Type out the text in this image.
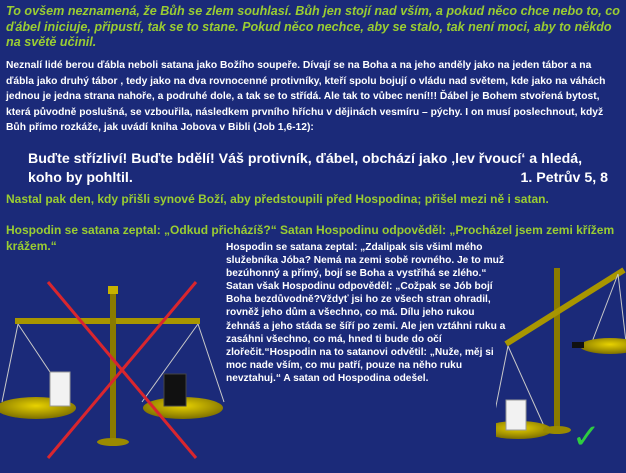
To ovšem neznamená, že Bůh se zlem souhlasí. Bůh jen stojí nad vším, a pokud něco chce nebo to, co ďábel iniciuje, připustí, tak se to stane. Pokud něco nechce, aby se stalo, tak není moci, aby to někdo na světě učinil.

Neznalí lidé berou ďábla neboli satana jako Božího soupeře. Dívají se na Boha a na jeho anděly jako na jeden tábor a na ďábla jako druhý tábor , tedy jako na dva rovnocenné protivníky, kteří spolu bojují o vládu nad světem, kde jako na váhách jednou je jedna strana nahoře, a podruhé dole, a tak se to střídá. Ale tak to vůbec není!!! Ďábel je Bohem stvořená bytost, která původně poslušná, se vzbouřila, následkem prvního hříchu v dějinách vesmíru – pýchy. I on musí poslechnout, když Bůh přímo rozkáže, jak uvádí kniha Jobova v Bibli (Job 1,6-12):

Buďte střízliví! Buďte bdělí! Váš protivník, ďábel, obchází jako ‚lev řvoucí‘ a hledá, koho by pohltil.	1. Petrův 5, 8

Nastal pak den, kdy přišli synové Boží, aby předstoupili před Hospodina; přišel mezi ně i satan.

Hospodin se satana zeptal: „Odkud přicházíš?“ Satan Hospodinu odpověděl: „Procházel jsem zemi křížem krážem.“	Hospodin se satana zeptal: „Zdalipak sis všiml mého služebníka Jóba? Nemá na zemi sobě rovného. Je to muž bezúhonný a přímý, bojí se Boha a vystříhá se zlého.“

Satan však Hospodinu odpověděl: „Cožpak se Jób bojí Boha bezdůvodně?Vždyť jsi ho ze všech stran ohradil, rovněž jeho dům a všechno, co má. Dílu jeho rukou žehnáš a jeho stáda se šíří po zemi. Ale jen vztáhni ruku a zasáhni všechno, co má, hned ti bude do očí zlořečit.“Hospodin na to satanovi odvětil: „Nuže, měj si moc nade vším, co mu patří, pouze na něho ruku nevztahuj.“ A satan od Hospodina odešel.

✓
